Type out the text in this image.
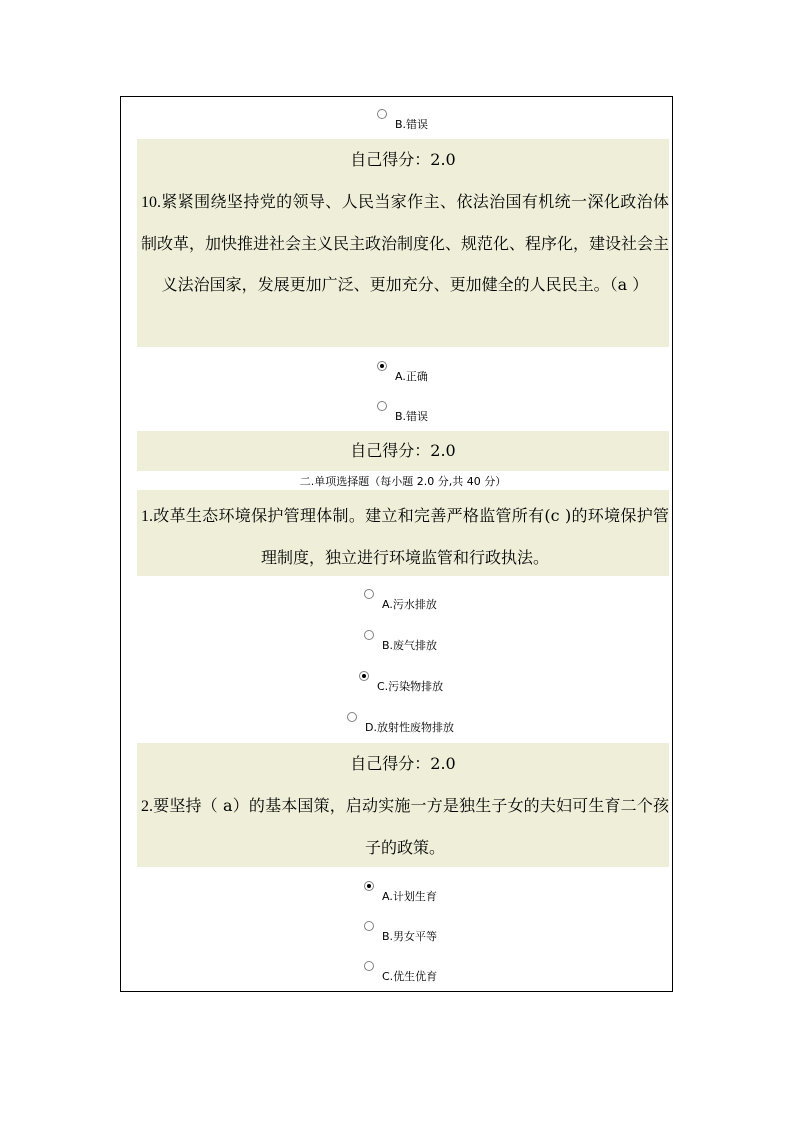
B.错误
自己得分：2.0
10.紧紧围绕坚持党的领导、人民当家作主、依法治国有机统一深化政治体制改革，加快推进社会主义民主政治制度化、规范化、程序化，建设社会主义法治国家，发展更加广泛、更加充分、更加健全的人民民主。（a ）
A.正确
B.错误
自己得分：2.0
二.单项选择题（每小题 2.0 分,共 40 分）
1.改革生态环境保护管理体制。建立和完善严格监管所有(c )的环境保护管理制度，独立进行环境监管和行政执法。
A.污水排放
B.废气排放
C.污染物排放
D.放射性废物排放
自己得分：2.0
2.要坚持（ a）的基本国策，启动实施一方是独生子女的夫妇可生育二个孩子的政策。
A.计划生育
B.男女平等
C.优生优育
